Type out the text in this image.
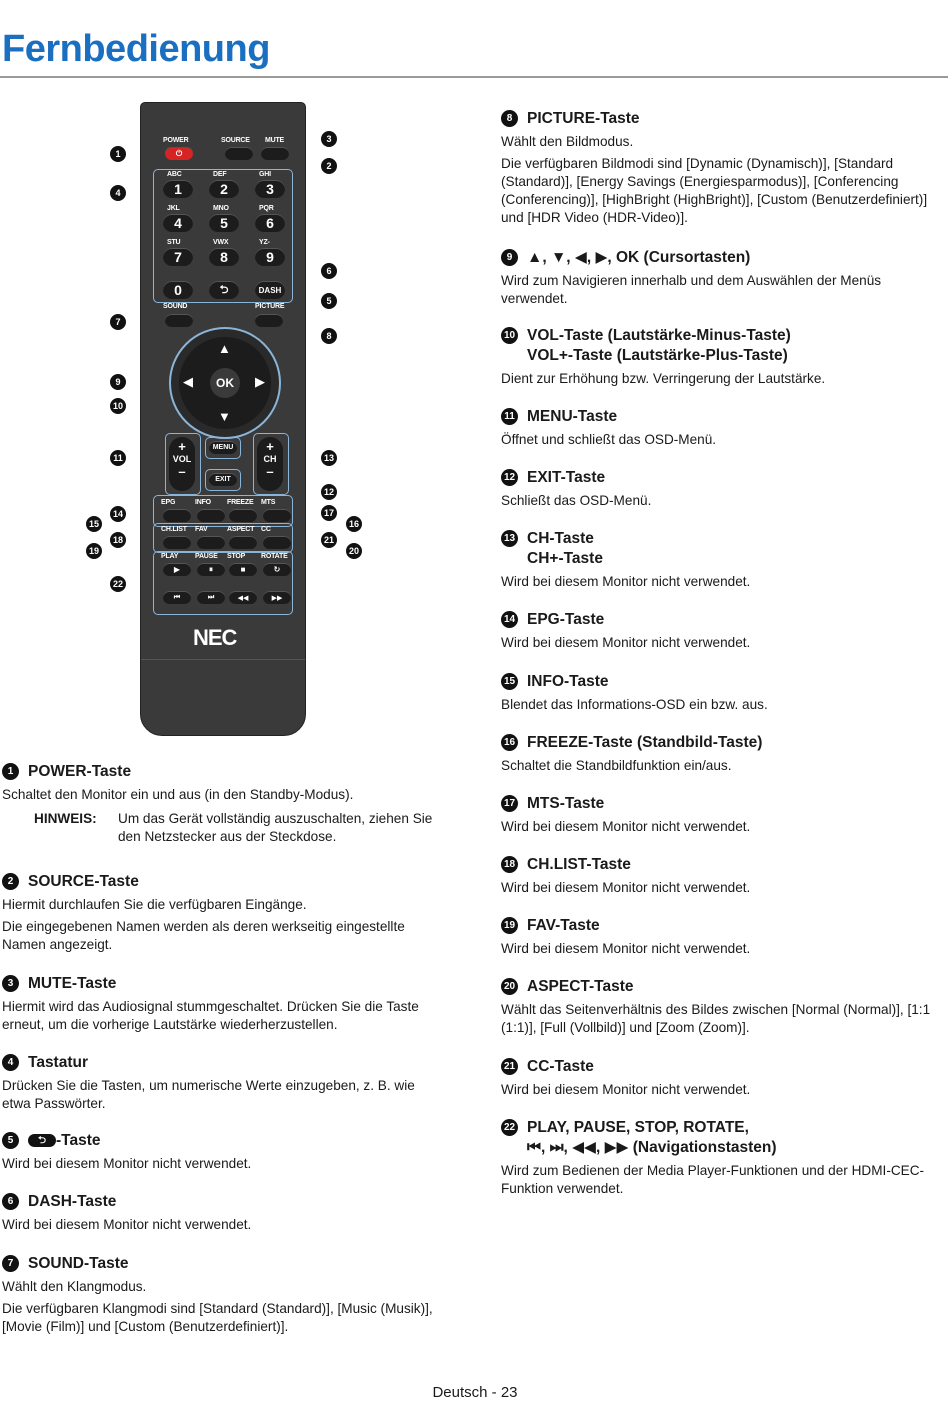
Fernbedienung
POWER	SOURCE MUTE
⏻
0	⮌	DASH
SOUND	PICTURE
▲
▼
◀	▶
OK
+
VOL
–
+
CH
–
MENU
EXIT
NEC
ABC
1
DEF
2
GHI
3
JKL
4
MNO
5
PQR
6
STU
7
VWX
8
YZ-
9
EPG	INFO FREEZE MTS
CH.LIST FAV	ASPECT CC
PLAY
▶
PAUSE
⏸
STOP
■
ROTATE
↻
⏮	⏭	◀◀	▶▶
1
2
3
4
5
6
7
8
9
10
11
12
13
14
15	16
17
18
19	20
21
22
1 POWER-Taste
Schaltet den Monitor ein und aus (in den Standby-Modus).
HINWEIS:	Um das Gerät vollständig auszuschalten, ziehen Sie den Netzstecker aus der Steckdose.
2 SOURCE-Taste
Hiermit durchlaufen Sie die verfügbaren Eingänge.
Die eingegebenen Namen werden als deren werkseitig eingestellte Namen angezeigt.
3 MUTE-Taste
Hiermit wird das Audiosignal stummgeschaltet. Drücken Sie die Taste erneut, um die vorherige Lautstärke wiederherzustellen.
4 Tastatur
Drücken Sie die Tasten, um numerische Werte einzugeben, z. B. wie etwa Passwörter.
5	⮌ -Taste
Wird bei diesem Monitor nicht verwendet.
6 DASH-Taste
Wird bei diesem Monitor nicht verwendet.
7 SOUND-Taste
Wählt den Klangmodus.
Die verfügbaren Klangmodi sind [Standard (Standard)], [Music (Musik)], [Movie (Film)] und [Custom (Benutzerdefiniert)].
8 PICTURE-Taste
Wählt den Bildmodus.
Die verfügbaren Bildmodi sind [Dynamic (Dynamisch)], [Standard (Standard)], [Energy Savings (Energiesparmodus)], [Conferencing (Conferencing)], [HighBright (HighBright)], [Custom (Benutzerdefiniert)] und [HDR Video (HDR-Video)].
9 ▲, ▼, ◀, ▶, OK (Cursortasten)
Wird zum Navigieren innerhalb und dem Auswählen der Menüs verwendet.
10 VOL-Taste (Lautstärke-Minus-Taste)
VOL+-Taste (Lautstärke-Plus-Taste)
Dient zur Erhöhung bzw. Verringerung der Lautstärke.
11 MENU-Taste
Öffnet und schließt das OSD-Menü.
12 EXIT-Taste
Schließt das OSD-Menü.
13 CH-Taste
CH+-Taste
Wird bei diesem Monitor nicht verwendet.
14 EPG-Taste
Wird bei diesem Monitor nicht verwendet.
15 INFO-Taste
Blendet das Informations-OSD ein bzw. aus.
16 FREEZE-Taste (Standbild-Taste)
Schaltet die Standbildfunktion ein/aus.
17 MTS-Taste
Wird bei diesem Monitor nicht verwendet.
18 CH.LIST-Taste
Wird bei diesem Monitor nicht verwendet.
19 FAV-Taste
Wird bei diesem Monitor nicht verwendet.
20 ASPECT-Taste
Wählt das Seitenverhältnis des Bildes zwischen [Normal (Normal)], [1:1 (1:1)], [Full (Vollbild)] und [Zoom (Zoom)].
21 CC-Taste
Wird bei diesem Monitor nicht verwendet.
22 PLAY, PAUSE, STOP, ROTATE,
⏮, ⏭, ◀◀, ▶▶ (Navigationstasten)
Wird zum Bedienen der Media Player-Funktionen und der HDMI-CEC-Funktion verwendet.
Deutsch - 23
